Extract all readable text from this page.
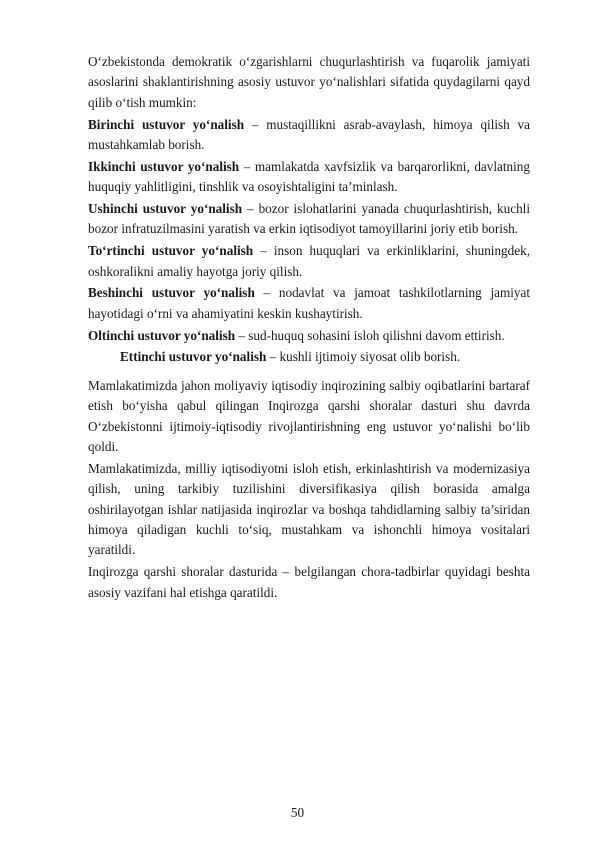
O‘zbekistonda demokratik o‘zgarishlarni chuqurlashtirish va fuqarolik jamiyati asoslarini shaklantirishning asosiy ustuvor yo‘nalishlari sifatida quydagilarni qayd qilib o‘tish mumkin:

Birinchi ustuvor yo‘nalish – mustaqillikni asrab-avaylash, himoya qilish va mustahkamlab borish.

Ikkinchi ustuvor yo‘nalish – mamlakatda xavfsizlik va barqarorlikni, davlatning huquqiy yahlitligini, tinshlik va osoyishtaligini ta’minlash.

Ushinchi ustuvor yo‘nalish – bozor islohatlarini yanada chuqurlashtirish, kuchli bozor infratuzilmasini yaratish va erkin iqtisodiyot tamoyillarini joriy etib borish.

To‘rtinchi ustuvor yo‘nalish – inson huquqlari va erkinliklarini, shuningdek, oshkoralikni amaliy hayotga joriy qilish.

Beshinchi ustuvor yo‘nalish – nodavlat va jamoat tashkilotlarning jamiyat hayotidagi o‘rni va ahamiyatini keskin kushaytirish.

Oltinchi ustuvor yo‘nalish – sud-huquq sohasini isloh qilishni davom ettirish.

Ettinchi ustuvor yo‘nalish – kushli ijtimoiy siyosat olib borish.

Mamlakatimizda jahon moliyaviy iqtisodiy inqirozining salbiy oqibatlarini bartaraf etish bo‘yisha qabul qilingan Inqirozga qarshi shoralar dasturi shu davrda O‘zbekistonni ijtimoiy-iqtisodiy rivojlantirishning eng ustuvor yo‘nalishi bo‘lib qoldi.

Mamlakatimizda, milliy iqtisodiyotni isloh etish, erkinlashtirish va modernizasiya qilish, uning tarkibiy tuzilishini diversifikasiya qilish borasida amalga oshirilayotgan ishlar natijasida inqirozlar va boshqa tahdidlarning salbiy ta’siridan himoya qiladigan kuchli to‘siq, mustahkam va ishonchli himoya vositalari yaratildi.

Inqirozga qarshi shoralar dasturida – belgilangan chora-tadbirlar quyidagi beshta asosiy vazifani hal etishga qaratildi.

50
